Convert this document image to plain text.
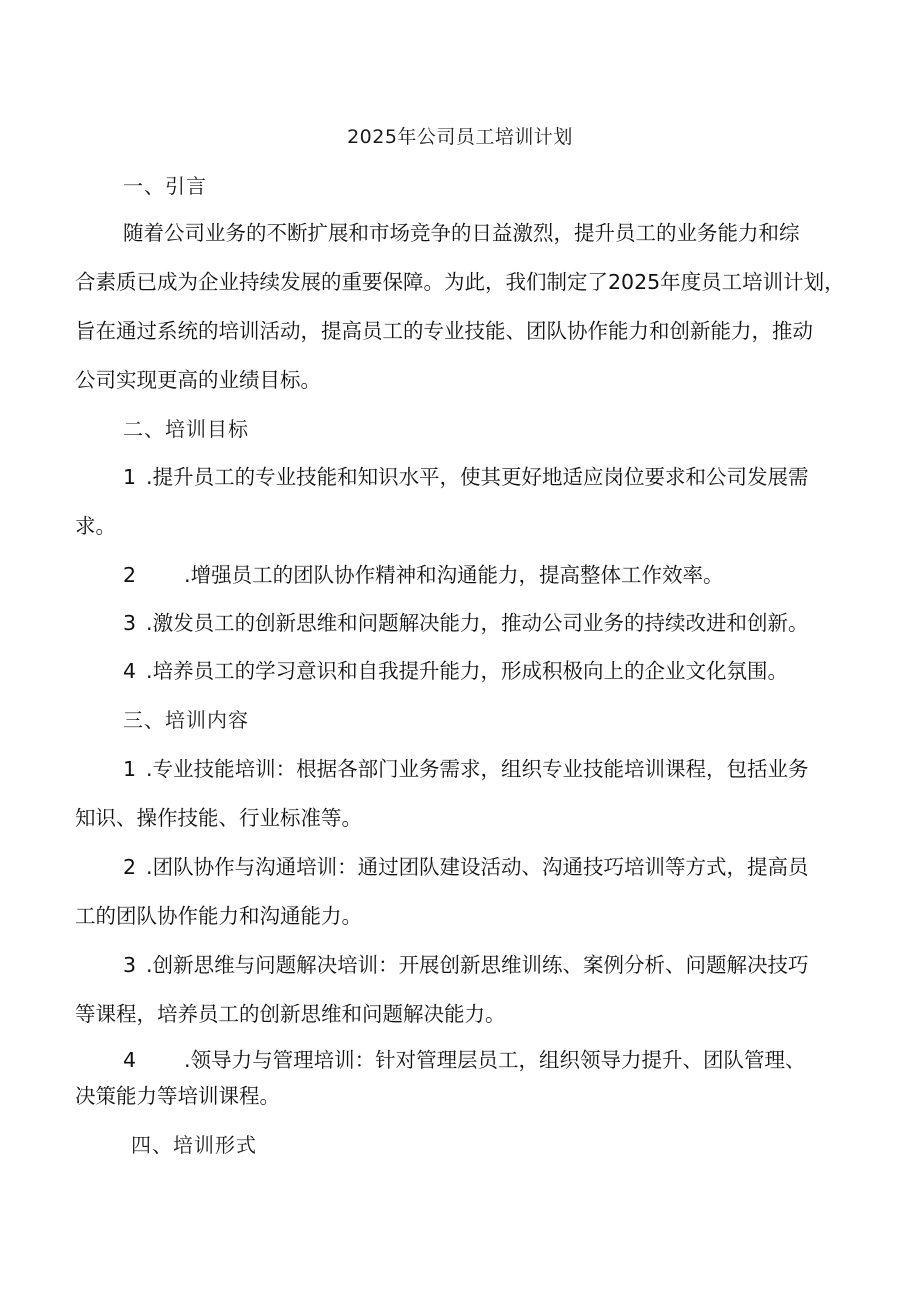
2025年公司员工培训计划
一、引言
随着公司业务的不断扩展和市场竞争的日益激烈，提升员工的业务能力和综
合素质已成为企业持续发展的重要保障。为此，我们制定了2025年度员工培训计划，
旨在通过系统的培训活动，提高员工的专业技能、团队协作能力和创新能力，推动
公司实现更高的业绩目标。
二、培训目标
1 .提升员工的专业技能和知识水平，使其更好地适应岗位要求和公司发展需
求。
2 .增强员工的团队协作精神和沟通能力，提高整体工作效率。
3 .激发员工的创新思维和问题解决能力，推动公司业务的持续改进和创新。
4 .培养员工的学习意识和自我提升能力，形成积极向上的企业文化氛围。
三、培训内容
1 .专业技能培训：根据各部门业务需求，组织专业技能培训课程，包括业务
知识、操作技能、行业标准等。
2 .团队协作与沟通培训：通过团队建设活动、沟通技巧培训等方式，提高员
工的团队协作能力和沟通能力。
3 .创新思维与问题解决培训：开展创新思维训练、案例分析、问题解决技巧
等课程，培养员工的创新思维和问题解决能力。
4 .领导力与管理培训：针对管理层员工，组织领导力提升、团队管理、
决策能力等培训课程。
四、培训形式
